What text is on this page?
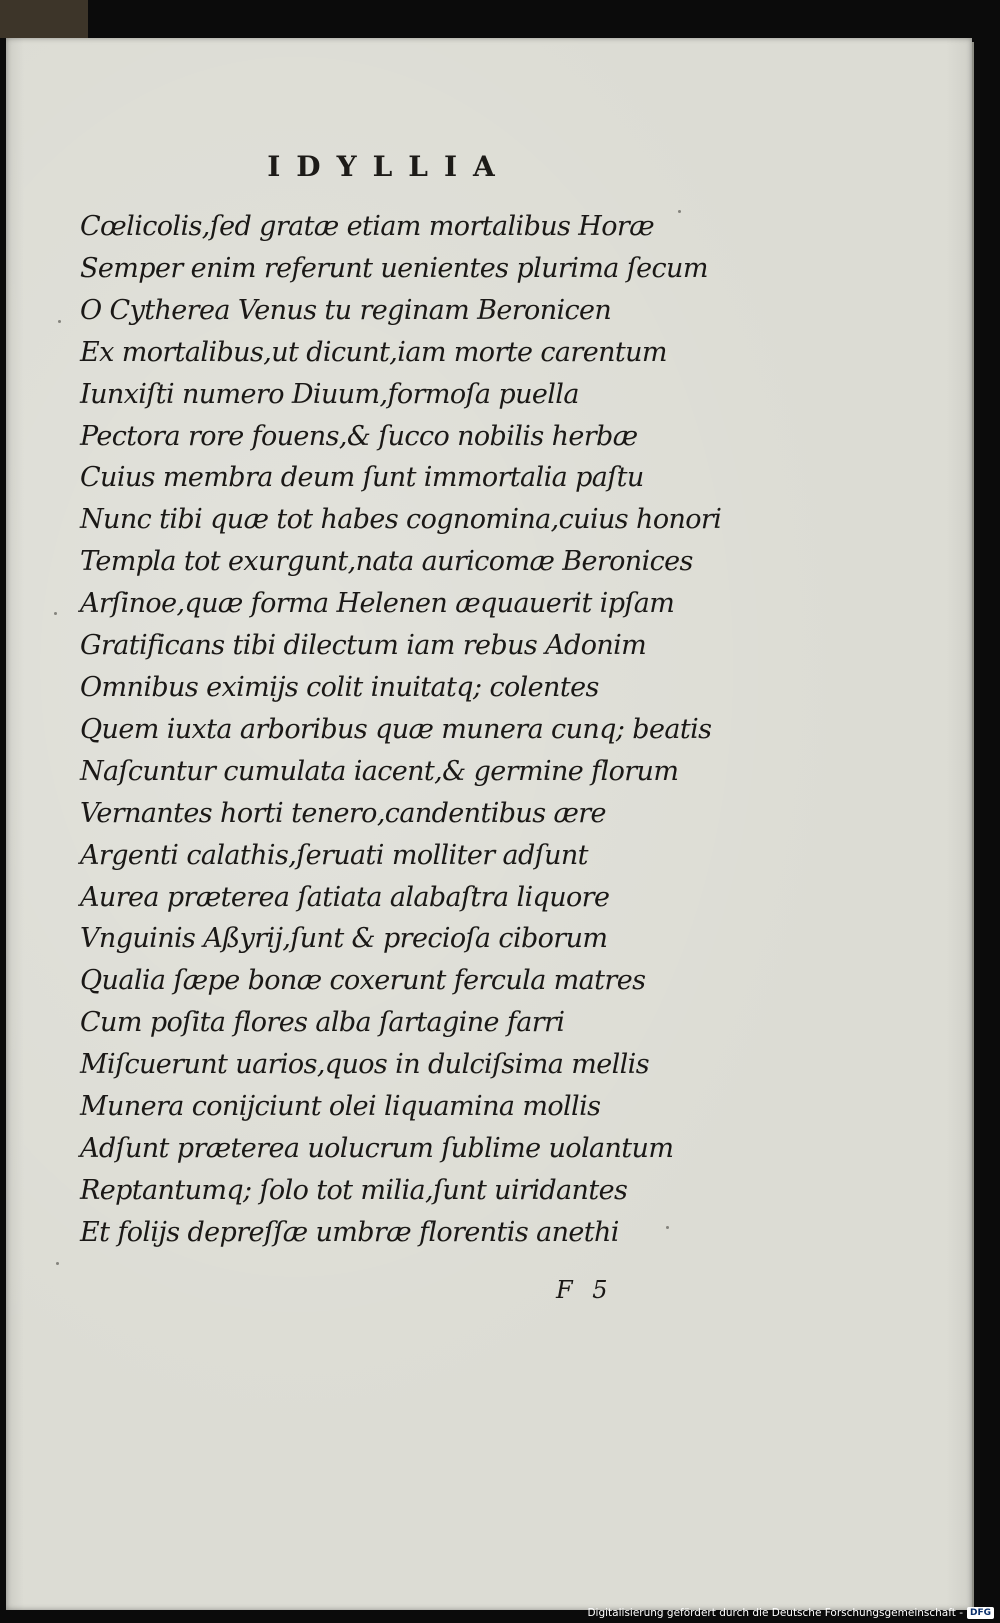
IDYLLIA
Cœlicolis,ſed gratæ etiam mortalibus Horæ
Semper enim referunt uenientes plurima ſecum
O Cytherea Venus tu reginam Beronicen
Ex mortalibus,ut dicunt,iam morte carentum
Iunxiſti numero Diuum,formoſa puella
Pectora rore fouens,& ſucco nobilis herbæ
Cuius membra deum ſunt immortalia paſtu
Nunc tibi quæ tot habes cognomina,cuius honori
Templa tot exurgunt,nata auricomæ Beronices
Arſinoe,quæ forma Helenen æquauerit ipſam
Gratificans tibi dilectum iam rebus Adonim
Omnibus eximijs colit inuitatq; colentes
Quem iuxta arboribus quæ munera cunq; beatis
Naſcuntur cumulata iacent,& germine florum
Vernantes horti tenero,candentibus ære
Argenti calathis,ſeruati molliter adſunt
Aurea præterea ſatiata alabaſtra liquore
Vnguinis Aßyrij,ſunt & precioſa ciborum
Qualia ſæpe bonæ coxerunt fercula matres
Cum poſita flores alba ſartagine farri
Miſcuerunt uarios,quos in dulciſsima mellis
Munera conijciunt olei liquamina mollis
Adſunt præterea uolucrum ſublime uolantum
Reptantumq; ſolo tot milia,ſunt uiridantes
Et folijs depreſſæ umbræ florentis anethi
F 5
Digitalisierung gefördert durch die Deutsche Forschungsgemeinschaft - DFG
